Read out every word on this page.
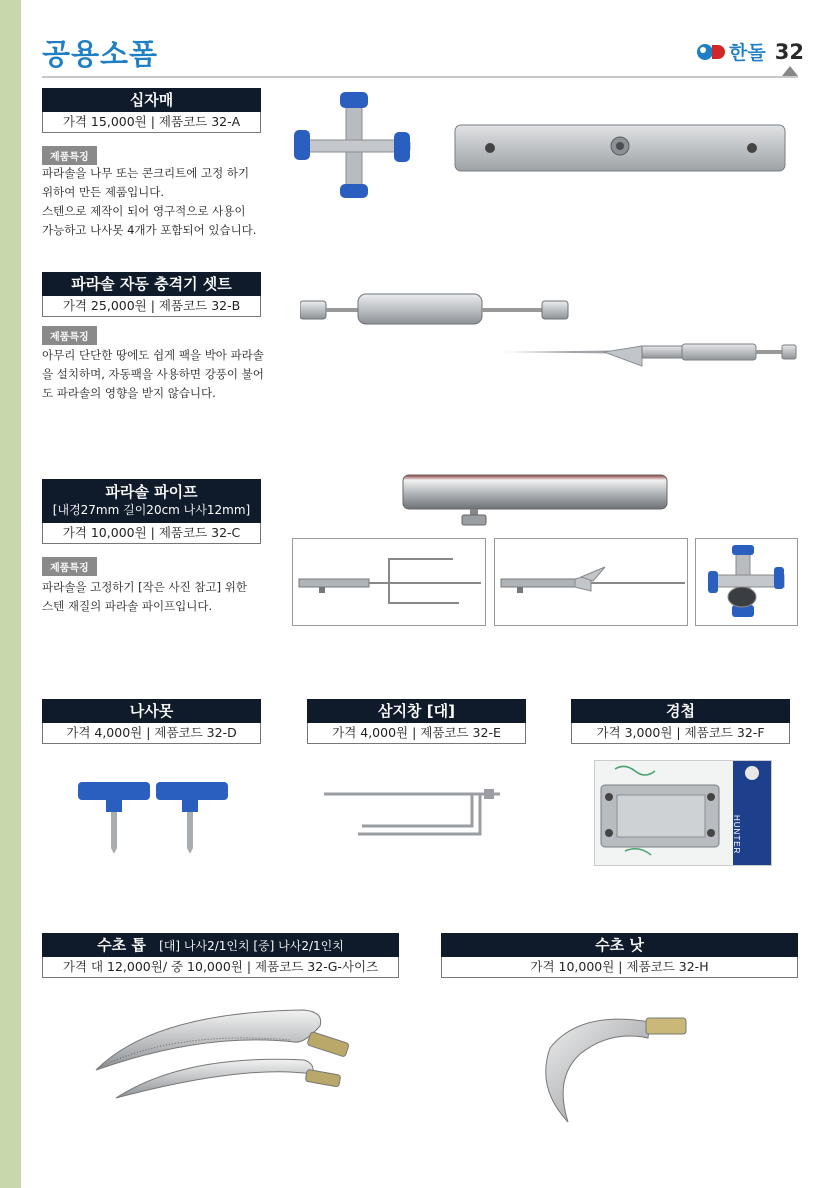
공용소폼	한돌 32
십자매
가격 15,000원 | 제품코드 32-A
제품특징
파라솔을 나무 또는 콘크리트에 고정 하기
위하여 만든 제품입니다.
스텐으로 제작이 되어 영구적으로 사용이
가능하고 나사못 4개가 포함되어 있습니다.
파라솔 자동 충격기 셋트
가격 25,000원 | 제품코드 32-B
제품특징
아무리 단단한 땅에도 쉽게 팩을 박아 파라솔
을 설치하며, 자동팩을 사용하면 강풍이 불어
도 파라솔의 영향을 받지 않습니다.
파라솔 파이프
[내경27mm 길이20cm 나사12mm]
가격 10,000원 | 제품코드 32-C
제품특징
파라솔을 고정하기 [작은 사진 참고] 위한
스텐 재질의 파라솔 파이프입니다.
나사못
가격 4,000원 | 제품코드 32-D
삼지창 [대]
가격 4,000원 | 제품코드 32-E
경첩
가격 3,000원 | 제품코드 32-F
HUNTER
수초 톱 [대] 나사2/1인치 [중] 나사2/1인치
가격 대 12,000원/ 중 10,000원 | 제품코드 32-G-사이즈
수초 낫
가격 10,000원 | 제품코드 32-H
